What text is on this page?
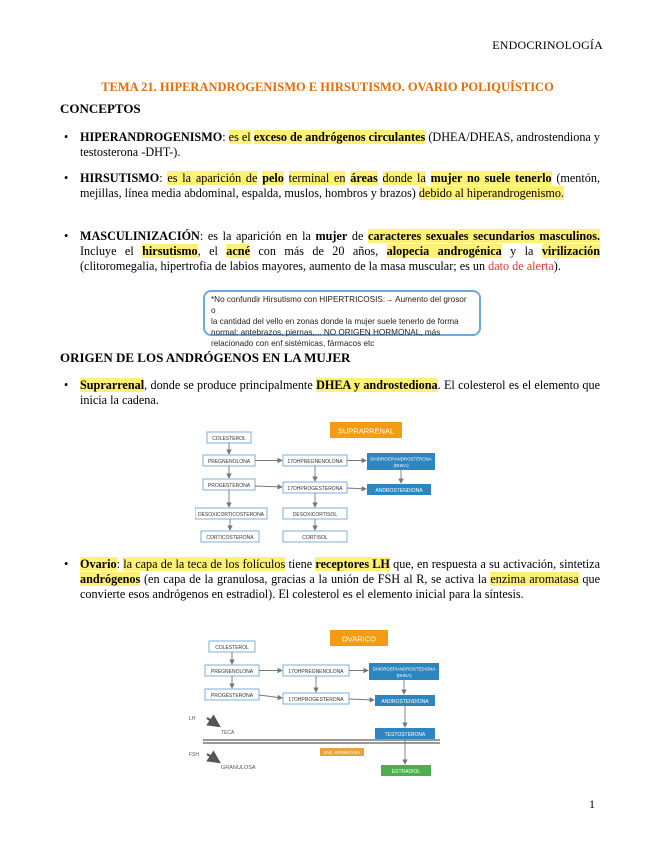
ENDOCRINOLOGÍA
TEMA 21. HIPERANDROGENISMO E HIRSUTISMO. OVARIO POLIQUÍSTICO
CONCEPTOS
• HIPERANDROGENISMO: es el exceso de andrógenos circulantes (DHEA/DHEAS, androstendiona y testosterona -DHT-).
• HIRSUTISMO: es la aparición de pelo terminal en áreas donde la mujer no suele tenerlo (mentón, mejillas, línea media abdominal, espalda, muslos, hombros y brazos) debido al hiperandrogenismo.
• MASCULINIZACIÓN: es la aparición en la mujer de caracteres sexuales secundarios masculinos. Incluye el hirsutismo, el acné con más de 20 años, alopecia androgénica y la virilización (clitoromegalia, hipertrofia de labios mayores, aumento de la masa muscular; es un dato de alerta).
*No confundir Hirsutismo con HIPERTRICOSIS:→ Aumento del grosor o
la cantidad del vello en zonas donde la mujer suele tenerlo de forma
normal: antebrazos, piernas,... NO ORIGEN HORMONAL, más
relacionado con enf sistémicas, fármacos etc
ORIGEN DE LOS ANDRÓGENOS EN LA MUJER
• Suprarrenal, donde se produce principalmente DHEA y androstediona. El colesterol es el elemento que inicia la cadena.
SUPRARRENAL
COLESTEROL
PREGNENOLONA	17OHPREGNENOLONA	DHIDROEPIANDROSTERONA
(DHEA)
PROGESTERONA	17OHPROGESTERONA	ANDROSTENDIONA
DESOXICORTICOSTERONA	DESOXICORTISOL
CORTICOSTERONA	CORTISOL
• Ovario: la capa de la teca de los folículos tiene receptores LH que, en respuesta a su activación, sintetiza andrógenos (en capa de la granulosa, gracias a la unión de FSH al R, se activa la enzima aromatasa que convierte esos andrógenos en estradiol). El colesterol es el elemento inicial para la síntesis.
OVARICO
COLESTEROL
PREGNENOLONA	17OHPREGNENOLONA	DHIDROEPIANDROSTEDIONA
(DHEA)
PROGESTERONA
17OHPROGESTERONA	ANDROSTENDIONA
TESTOSTERONA
ENZ. AROMATASA
ESTRADIOL
LH
TECA
FSH
GRANULOSA
1
